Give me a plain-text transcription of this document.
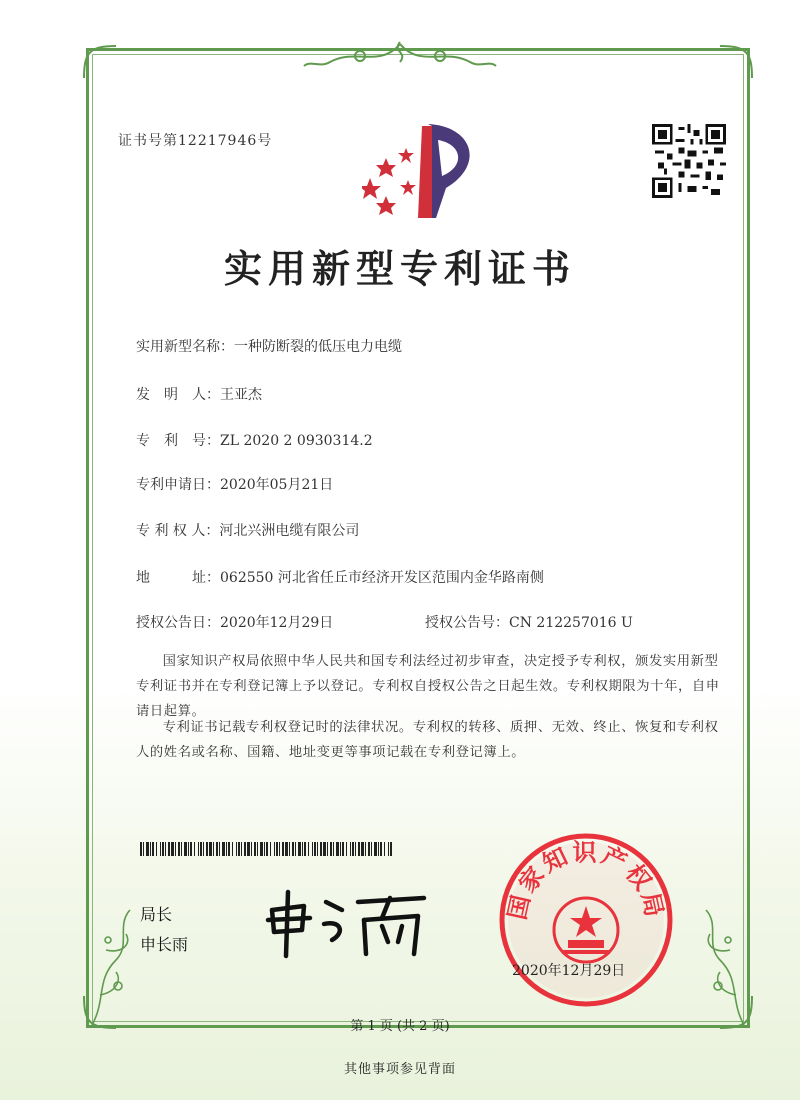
证书号第12217946号
实用新型专利证书
实用新型名称：一种防断裂的低压电力电缆
发　明　人：王亚杰
专　利　号：ZL 2020 2 0930314.2
专利申请日：2020年05月21日
专 利 权 人：河北兴洲电缆有限公司
地　　　址：062550 河北省任丘市经济开发区范围内金华路南侧
授权公告日：2020年12月29日	授权公告号：CN 212257016 U
国家知识产权局依照中华人民共和国专利法经过初步审查，决定授予专利权，颁发实用新型专利证书并在专利登记簿上予以登记。专利权自授权公告之日起生效。专利权期限为十年，自申请日起算。
专利证书记载专利权登记时的法律状况。专利权的转移、质押、无效、终止、恢复和专利权人的姓名或名称、国籍、地址变更等事项记载在专利登记簿上。
局长
申长雨
国家知识产权局
2020年12月29日
第 1 页 (共 2 页)
其他事项参见背面
